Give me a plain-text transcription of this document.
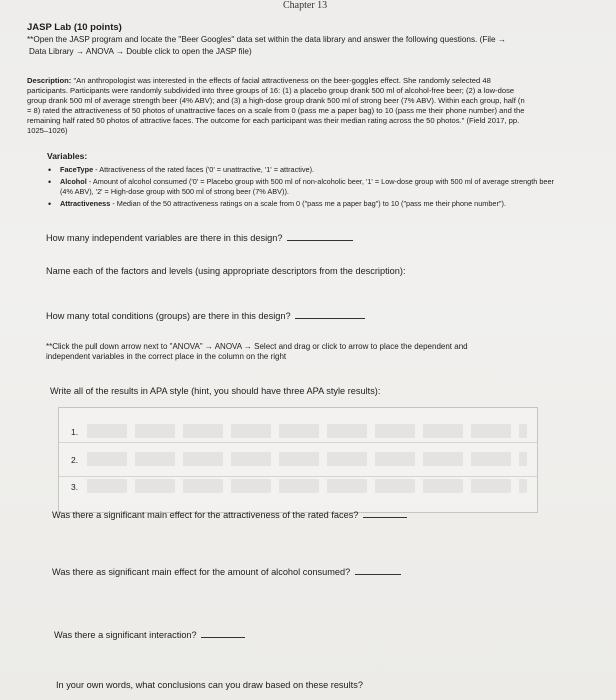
Chapter 13
JASP Lab (10 points)
**Open the JASP program and locate the "Beer Googles" data set within the data library and answer the following questions. (File →
Data Library → ANOVA → Double click to open the JASP file)
Description: "An anthropologist was interested in the effects of facial attractiveness on the beer-goggles effect. She randomly selected 48
participants. Participants were randomly subdivided into three groups of 16: (1) a placebo group drank 500 ml of alcohol-free beer; (2) a low-dose
group drank 500 ml of average strength beer (4% ABV); and (3) a high-dose group drank 500 ml of strong beer (7% ABV). Within each group, half (n
= 8) rated the attractiveness of 50 photos of unattractive faces on a scale from 0 (pass me a paper bag) to 10 (pass me their phone number) and the
remaining half rated 50 photos of attractive faces. The outcome for each participant was their median rating across the 50 photos." (Field 2017, pp.
1025–1026)
Variables:
• FaceType - Attractiveness of the rated faces ('0' = unattractive, '1' = attractive).
• Alcohol - Amount of alcohol consumed ('0' = Placebo group with 500 ml of non-alcoholic beer, '1' = Low-dose group with 500 ml of average strength beer (4% ABV), '2' = High-dose group with 500 ml of strong beer (7% ABV)).
• Attractiveness - Median of the 50 attractiveness ratings on a scale from 0 ("pass me a paper bag") to 10 ("pass me their phone number").
How many independent variables are there in this design?
Name each of the factors and levels (using appropriate descriptors from the description):
How many total conditions (groups) are there in this design?
**Click the pull down arrow next to "ANOVA" → ANOVA → Select and drag or click to arrow to place the dependent and
independent variables in the correct place in the column on the right
Write all of the results in APA style (hint, you should have three APA style results):
1.
2.
3.
Was there a significant main effect for the attractiveness of the rated faces?
Was there as significant main effect for the amount of alcohol consumed?
Was there a significant interaction?
In your own words, what conclusions can you draw based on these results?
